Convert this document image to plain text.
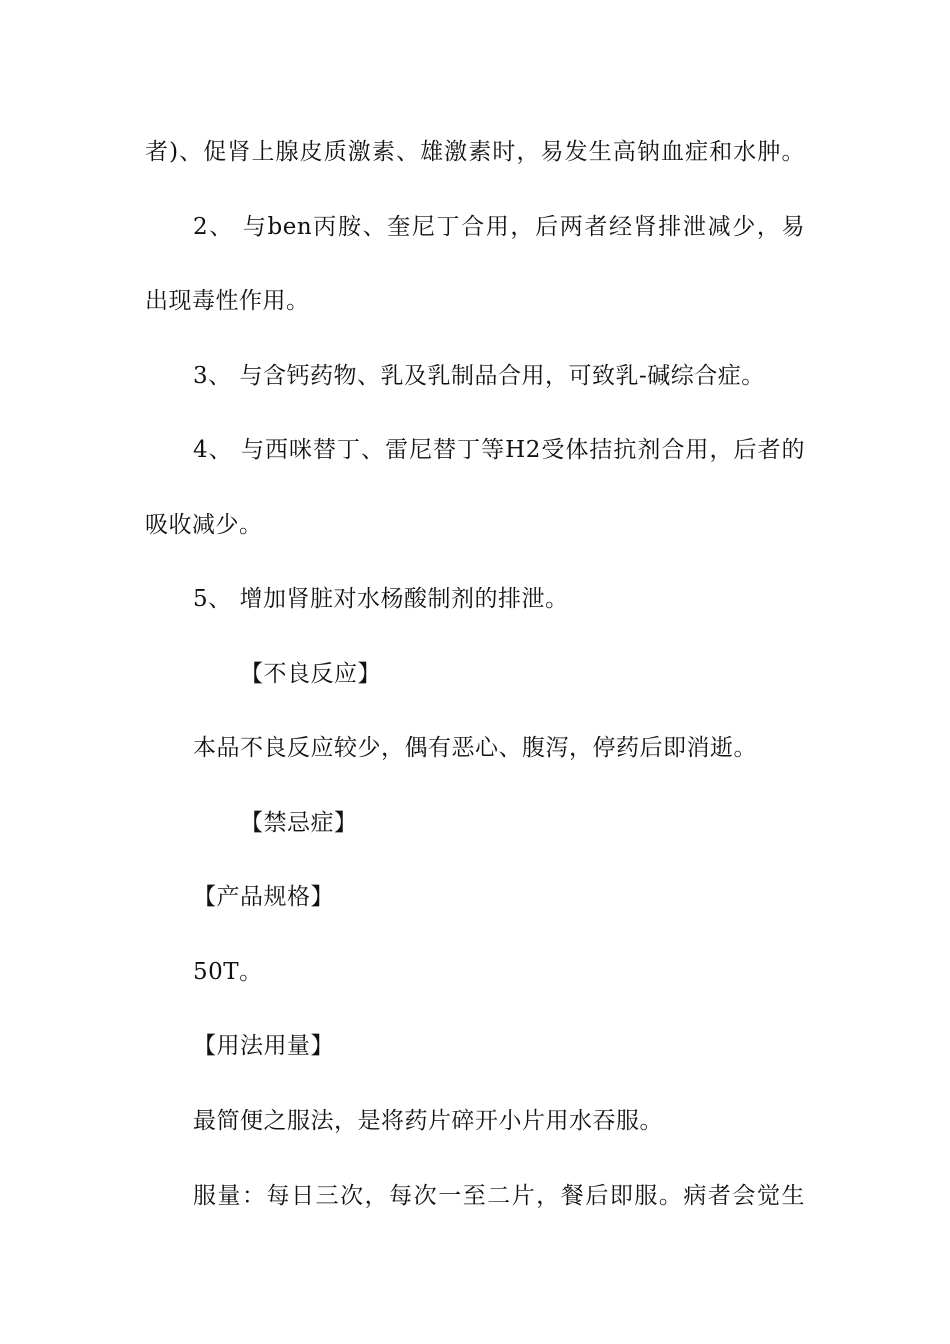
者)、促肾上腺皮质激素、雄激素时，易发生高钠血症和水肿。
2、 与ben丙胺、奎尼丁合用，后两者经肾排泄减少，易
出现毒性作用。
3、 与含钙药物、乳及乳制品合用，可致乳-碱综合症。
4、 与西咪替丁、雷尼替丁等H2受体拮抗剂合用，后者的
吸收减少。
5、 增加肾脏对水杨酸制剂的排泄。
【不良反应】
本品不良反应较少，偶有恶心、腹泻，停药后即消逝。
【禁忌症】
【产品规格】
50T。
【用法用量】
最简便之服法，是将药片碎开小片用水吞服。
服量：每日三次，每次一至二片，餐后即服。病者会觉生
